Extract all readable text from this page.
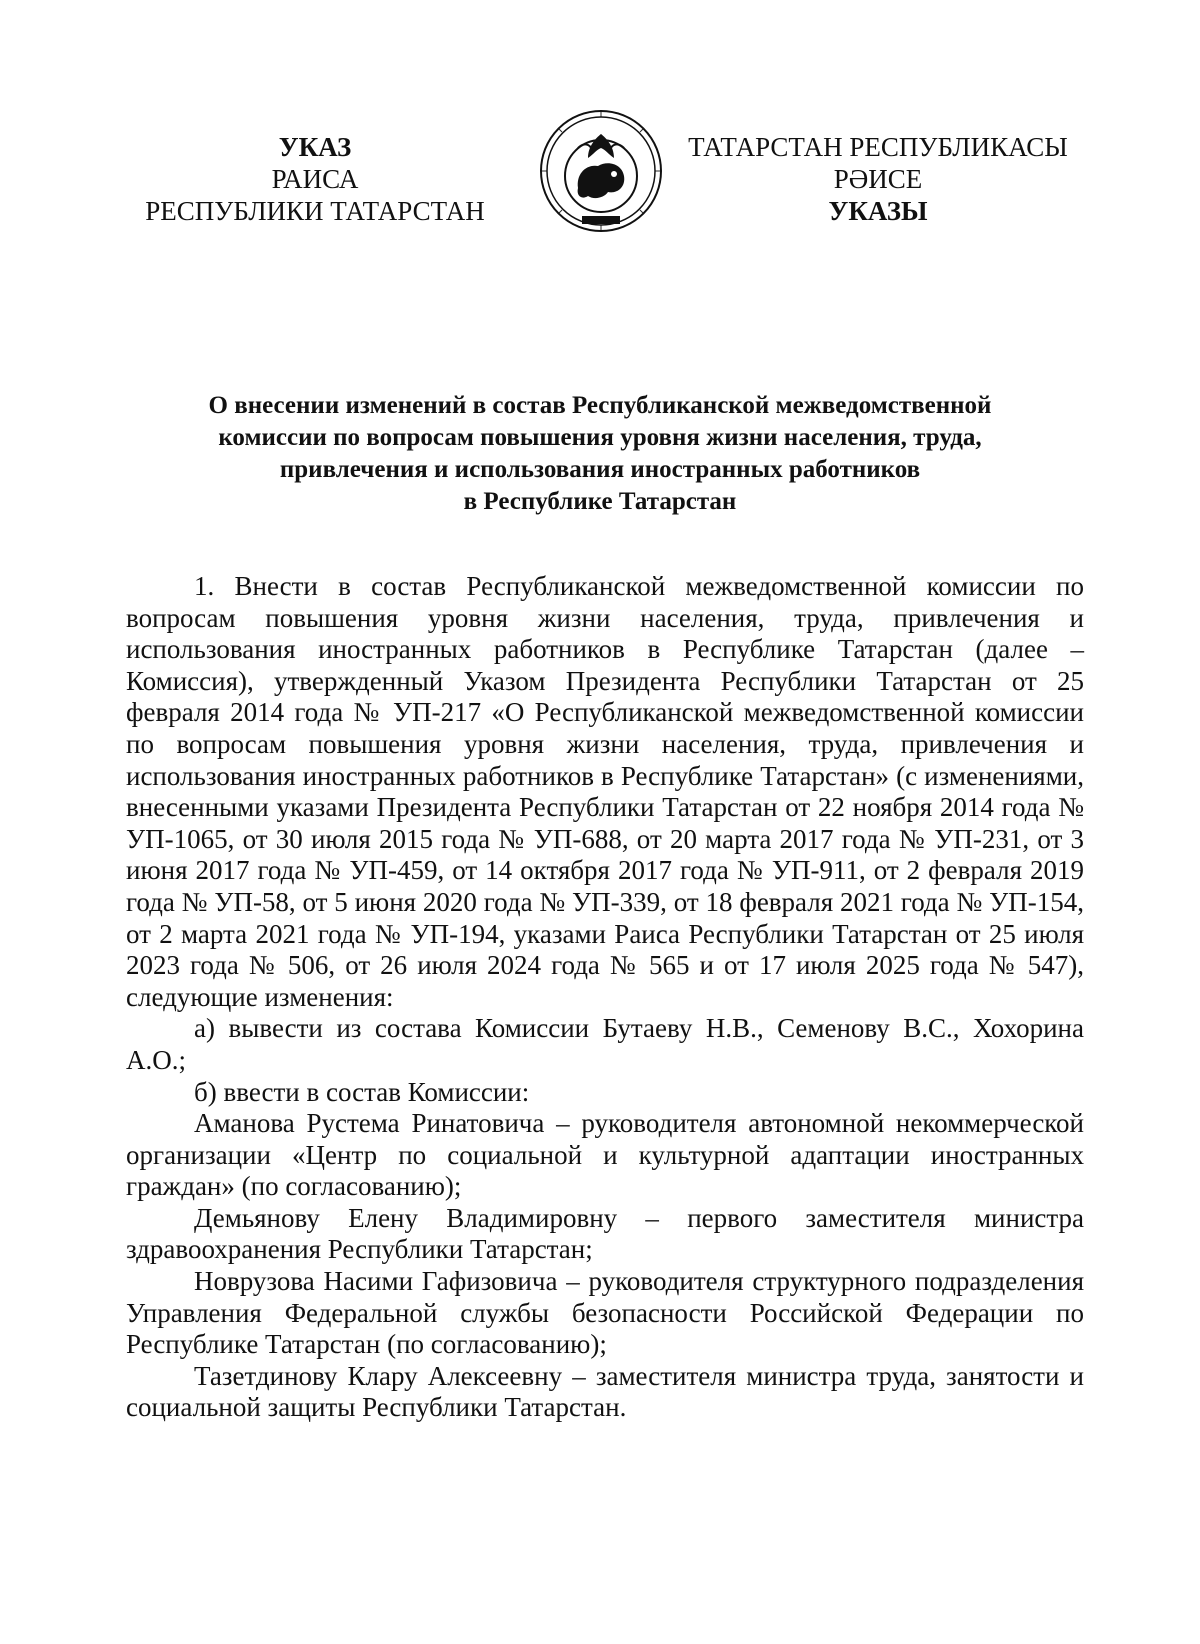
УКАЗ
РАИСА
РЕСПУБЛИКИ ТАТАРСТАН
ТАТАРСТАН РЕСПУБЛИКАСЫ
РӘИСЕ
УКАЗЫ
О внесении изменений в состав Республиканской межведомственной
комиссии по вопросам повышения уровня жизни населения, труда,
привлечения и использования иностранных работников
в Республике Татарстан

1. Внести в состав Республиканской межведомственной комиссии по вопросам повышения уровня жизни населения, труда, привлечения и использования иностранных работников в Республике Татарстан (далее – Комиссия), утвержденный Указом Президента Республики Татарстан от 25 февраля 2014 года № УП-217 «О Республиканской межведомственной комиссии по вопросам повышения уровня жизни населения, труда, привлечения и использования иностранных работников в Республике Татарстан» (с изменениями, внесенными указами Президента Республики Татарстан от 22 ноября 2014 года № УП-1065, от 30 июля 2015 года № УП-688, от 20 марта 2017 года № УП-231, от 3 июня 2017 года № УП-459, от 14 октября 2017 года № УП-911, от 2 февраля 2019 года № УП-58, от 5 июня 2020 года № УП-339, от 18 февраля 2021 года № УП-154, от 2 марта 2021 года № УП-194, указами Раиса Республики Татарстан от 25 июля 2023 года № 506, от 26 июля 2024 года № 565 и от 17 июля 2025 года № 547), следующие изменения:

а) вывести из состава Комиссии Бутаеву Н.В., Семенову В.С., Хохорина А.О.;

б) ввести в состав Комиссии:

Аманова Рустема Ринатовича – руководителя автономной некоммерческой организации «Центр по социальной и культурной адаптации иностранных граждан» (по согласованию);

Демьянову Елену Владимировну – первого заместителя министра здравоохранения Республики Татарстан;

Новрузова Насими Гафизовича – руководителя структурного подразделения Управления Федеральной службы безопасности Российской Федерации по Республике Татарстан (по согласованию);

Тазетдинову Клару Алексеевну – заместителя министра труда, занятости и социальной защиты Республики Татарстан.
